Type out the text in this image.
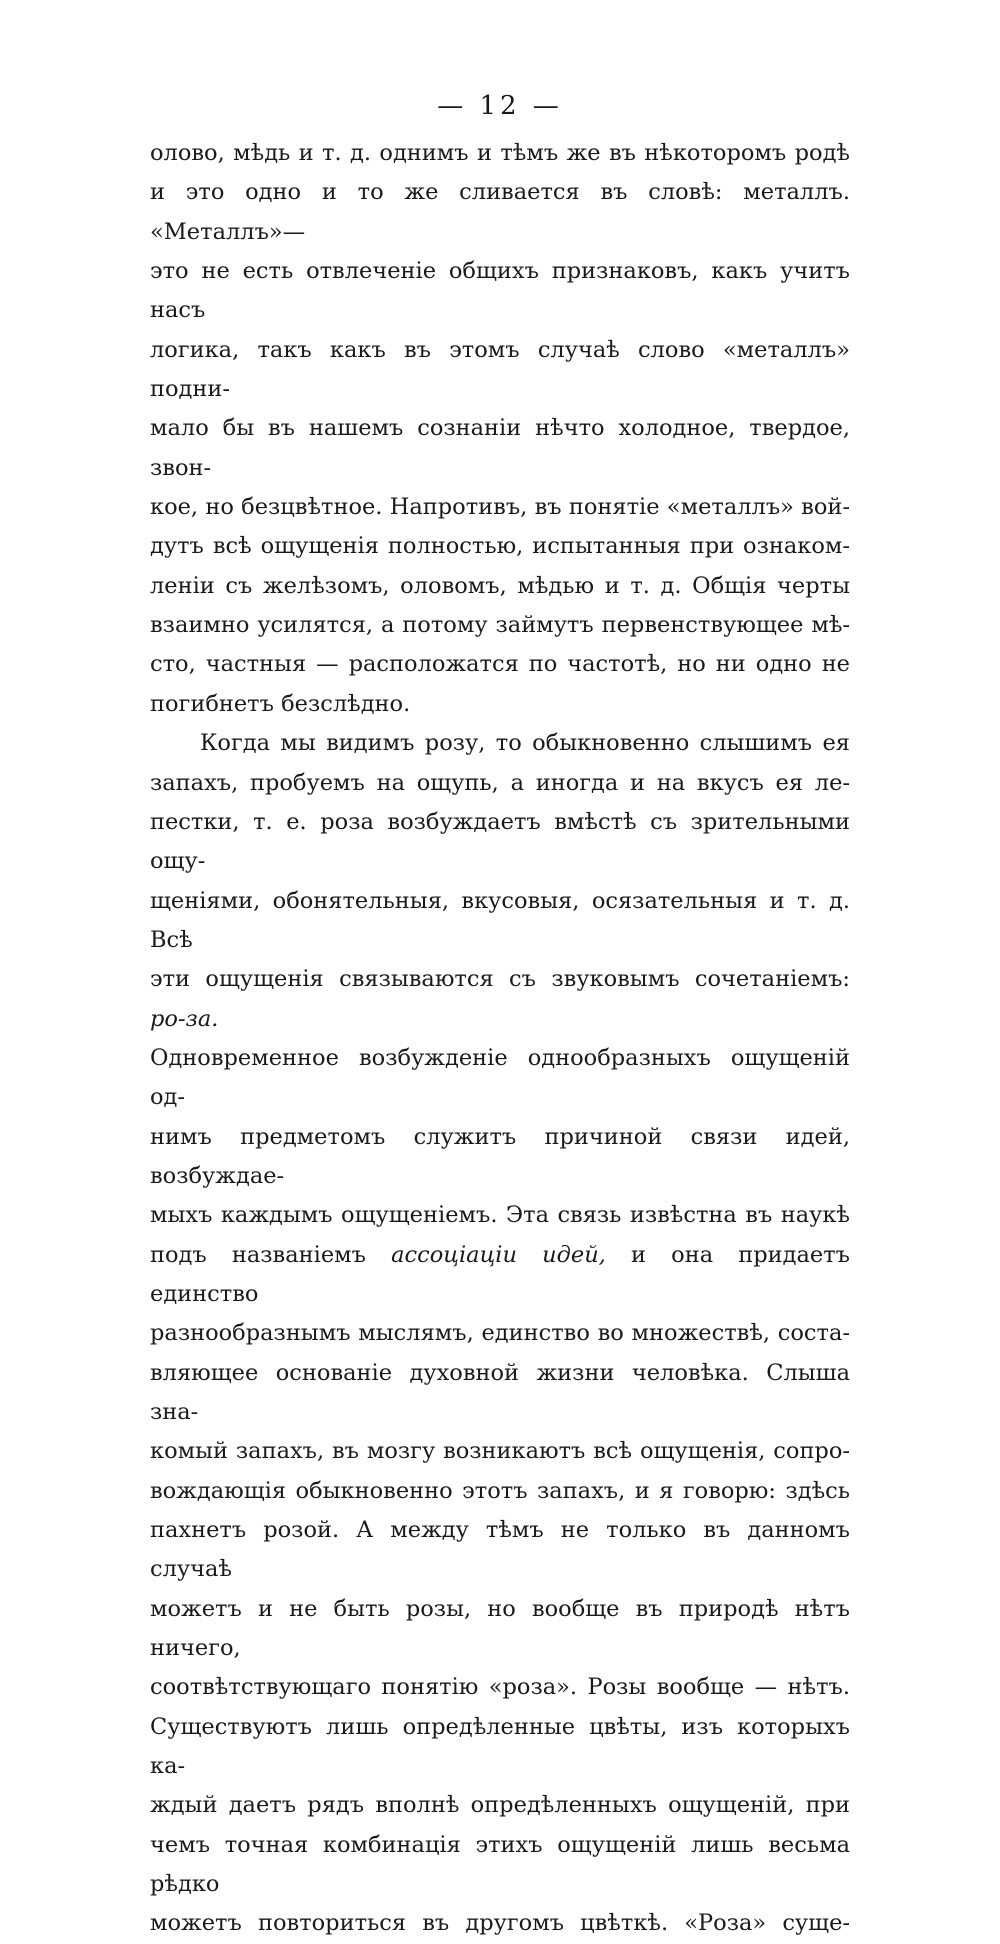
— 12 —

олово, мѣдь и т. д. однимъ и тѣмъ же въ нѣкоторомъ родѣ

и это одно и то же сливается въ словѣ: металлъ. «Металлъ»—

это не есть отвлеченіе общихъ признаковъ, какъ учитъ насъ

логика, такъ какъ въ этомъ случаѣ слово «металлъ» подни-

мало бы въ нашемъ сознаніи нѣчто холодное, твердое, звон-

кое, но безцвѣтное. Напротивъ, въ понятіе «металлъ» вой-

дутъ всѣ ощущенія полностью, испытанныя при ознаком-

леніи съ желѣзомъ, оловомъ, мѣдью и т. д. Общія черты

взаимно усилятся, а потому займутъ первенствующее мѣ-

сто, частныя — расположатся по частотѣ, но ни одно не

погибнетъ безслѣдно.

Когда мы видимъ розу, то обыкновенно слышимъ ея

запахъ, пробуемъ на ощупь, а иногда и на вкусъ ея ле-

пестки, т. е. роза возбуждаетъ вмѣстѣ съ зрительными ощу-

щеніями, обонятельныя, вкусовыя, осязательныя и т. д. Всѣ

эти ощущенія связываются съ звуковымъ сочетаніемъ: ро-за.

Одновременное возбужденіе однообразныхъ ощущеній од-

нимъ предметомъ служитъ причиной связи идей, возбуждае-

мыхъ каждымъ ощущеніемъ. Эта связь извѣстна въ наукѣ

подъ названіемъ ассоціаціи идей, и она придаетъ единство

разнообразнымъ мыслямъ, единство во множествѣ, соста-

вляющее основаніе духовной жизни человѣка. Слыша зна-

комый запахъ, въ мозгу возникаютъ всѣ ощущенія, сопро-

вождающія обыкновенно этотъ запахъ, и я говорю: здѣсь

пахнетъ розой. А между тѣмъ не только въ данномъ случаѣ

можетъ и не быть розы, но вообще въ природѣ нѣтъ ничего,

соотвѣтствующаго понятію «роза». Розы вообще — нѣтъ.

Существуютъ лишь опредѣленные цвѣты, изъ которыхъ ка-

ждый даетъ рядъ вполнѣ опредѣленныхъ ощущеній, при

чемъ точная комбинація этихъ ощущеній лишь весьма рѣдко

можетъ повториться въ другомъ цвѣткѣ. «Роза» суще-
